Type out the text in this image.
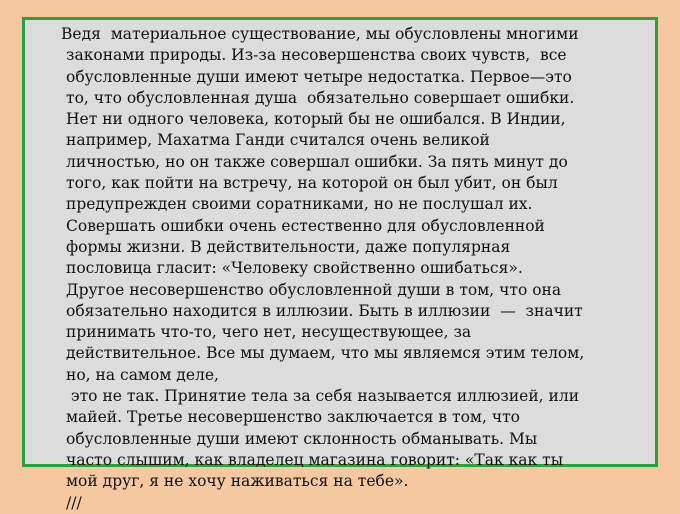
Ведя  материальное существование, мы обусловлены многими
законами природы. Из-за несовершенства своих чувств,  все
обусловленные души имеют четыре недостатка. Первое—это
то, что обусловленная душа  обязательно совершает ошибки.
Нет ни одного человека, который бы не ошибался. В Индии,
например, Махатма Ганди считался очень великой
личностью, но он также совершал ошибки. За пять минут до
того, как пойти на встречу, на которой он был убит, он был
предупрежден своими соратниками, но не послушал их.
Совершать ошибки очень естественно для обусловленной
формы жизни. В действительности, даже популярная
пословица гласит: «Человеку свойственно ошибаться».
Другое несовершенство обусловленной души в том, что она
обязательно находится в иллюзии. Быть в иллюзии  —  значит
принимать что-то, чего нет, несуществующее, за
действительное. Все мы думаем, что мы являемся этим телом,
но, на самом деле,
это не так. Принятие тела за себя называется иллюзией, или
майей. Третье несовершенство заключается в том, что
обусловленные души имеют склонность обманывать. Мы
часто слышим, как владелец магазина говорит: «Так как ты
мой друг, я не хочу наживаться на тебе».
///
